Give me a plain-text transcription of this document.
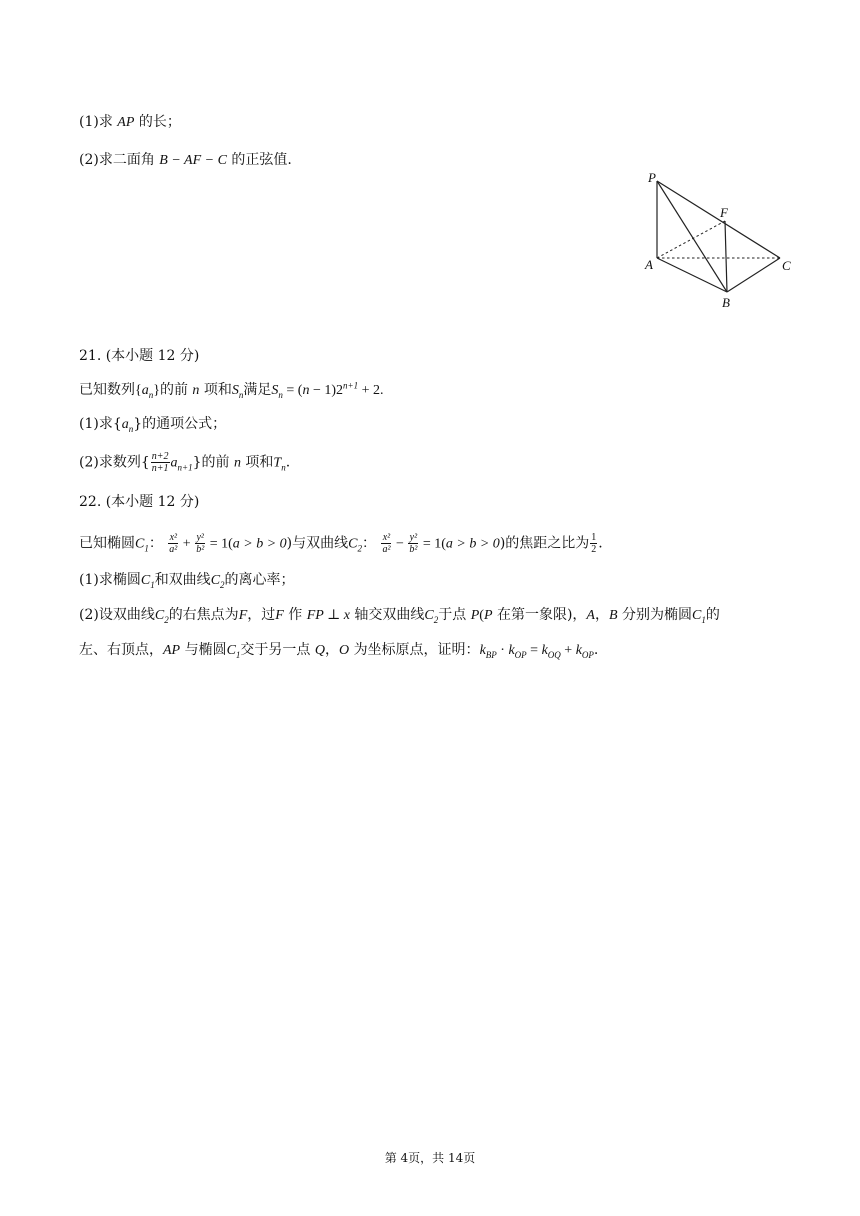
(1)求 AP 的长；
(2)求二面角 B − AF − C 的正弦值.
P
F
A
B
C
21. (本小题 12 分)
已知数列$\{a_n\}$的前 n 项和$S_n$满足$S_n = (n - 1)2^{n+1} + 2$.
(1)求$\{a_n\}$的通项公式；
(2)求数列{ $\frac{n+2}{n+1} a_{n+1}$}的前 n 项和$T_n$.
22. (本小题 12 分)
已知椭圆$C_1$： $\frac{\text{x²}}{\text{a²}} + \frac{\text{y²}}{\text{b²}} = 1(a > b > 0)$与双曲线$C_2$： $\frac{\text{x²}}{\text{a²}} - \frac{\text{y²}}{\text{b²}} = 1(a > b > 0)$的焦距之比为 $\frac{1}{2}$ .
(1)求椭圆$C_1$和双曲线$C_2$的离心率；
(2)设双曲线$C_2$的右焦点为F，过F 作 FP ⊥ x 轴交双曲线$C_2$于点 P(P 在第一象限)，A，B 分别为椭圆$C_1$的
左、右顶点，AP 与椭圆$C_1$交于另一点 Q，O 为坐标原点，证明：$k_{BP} \cdot k_{OP} = k_{OQ} + k_{OP}$.
第 4页，共 14页
